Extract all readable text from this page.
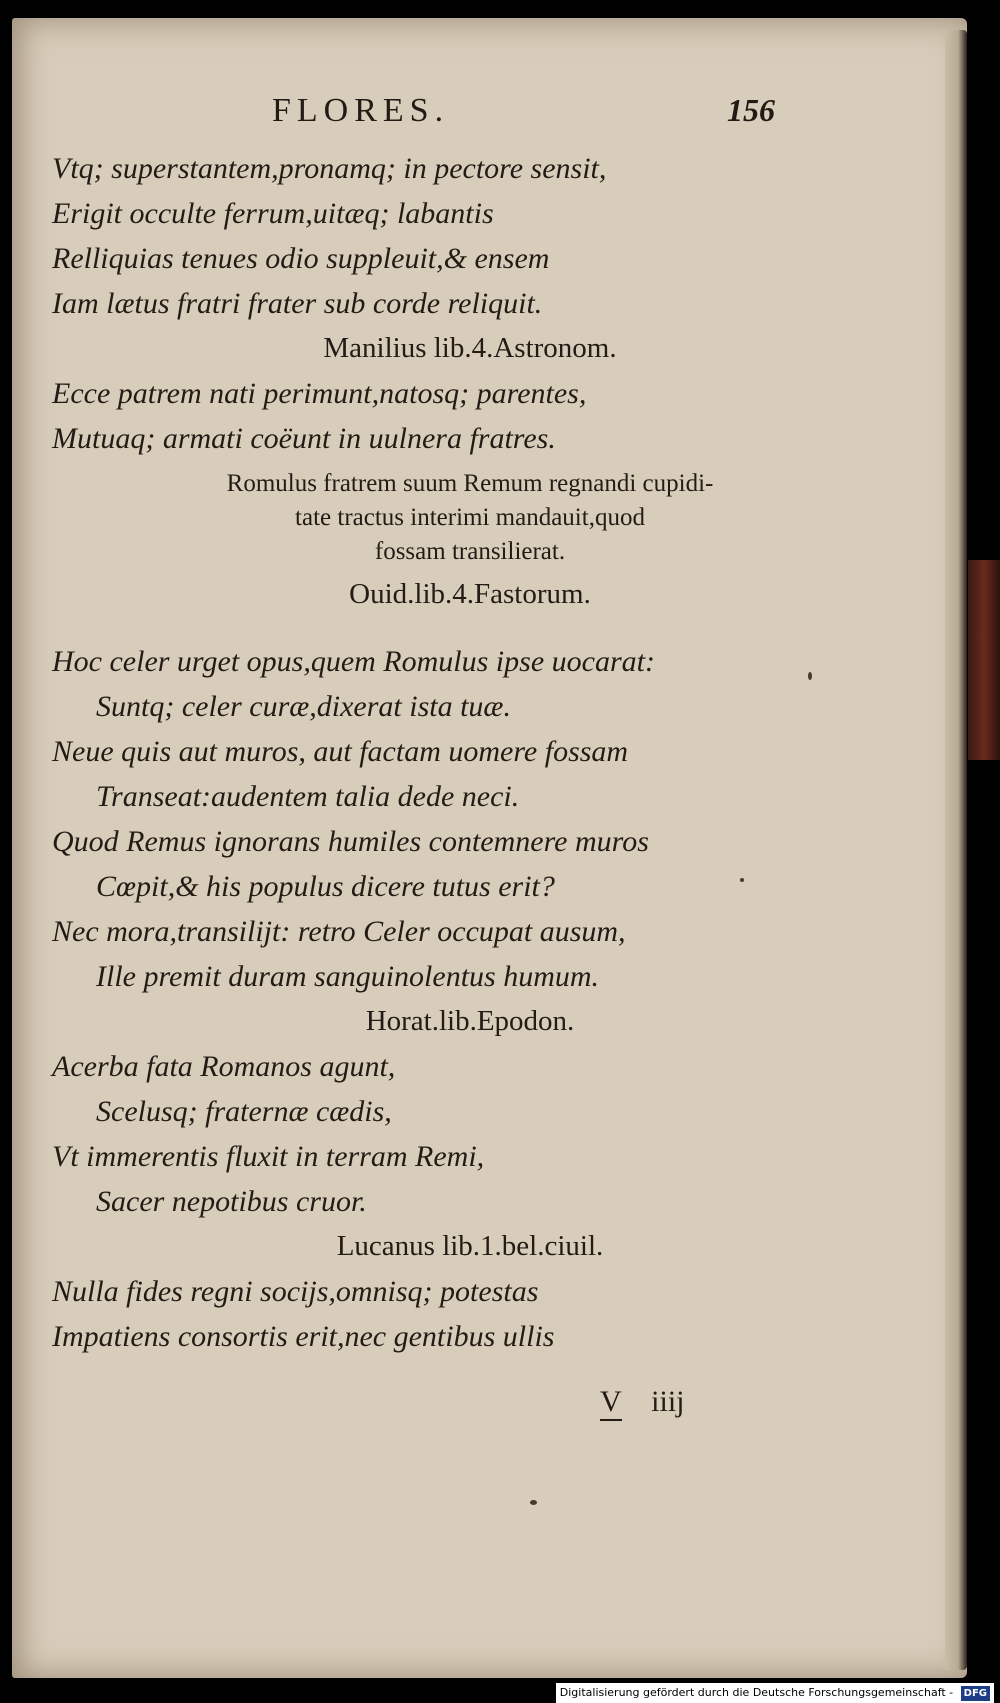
FLORES.	156
Vtq; superstantem,pronamq; in pectore sensit,
Erigit occulte ferrum,uitæq; labantis
Relliquias tenues odio suppleuit,& ensem
Iam lætus fratri frater sub corde reliquit.
Manilius lib.4.Astronom.
Ecce patrem nati perimunt,natosq; parentes,
Mutuaq; armati coëunt in uulnera fratres.
Romulus fratrem suum Remum regnandi cupidi-
tate tractus interimi mandauit,quod
fossam transilierat.
Ouid.lib.4.Fastorum.
Hoc celer urget opus,quem Romulus ipse uocarat:
Suntq; celer curæ,dixerat ista tuæ.
Neue quis aut muros, aut factam uomere fossam
Transeat:audentem talia dede neci.
Quod Remus ignorans humiles contemnere muros
Cœpit,& his populus dicere tutus erit?
Nec mora,transilijt: retro Celer occupat ausum,
Ille premit duram sanguinolentus humum.
Horat.lib.Epodon.
Acerba fata Romanos agunt,
Scelusq; fraternæ cædis,
Vt immerentis fluxit in terram Remi,
Sacer nepotibus cruor.
Lucanus lib.1.bel.ciuil.
Nulla fides regni socijs,omnisq; potestas
Impatiens consortis erit,nec gentibus ullis
V iiij
Digitalisierung gefördert durch die Deutsche Forschungsgemeinschaft - DFG
